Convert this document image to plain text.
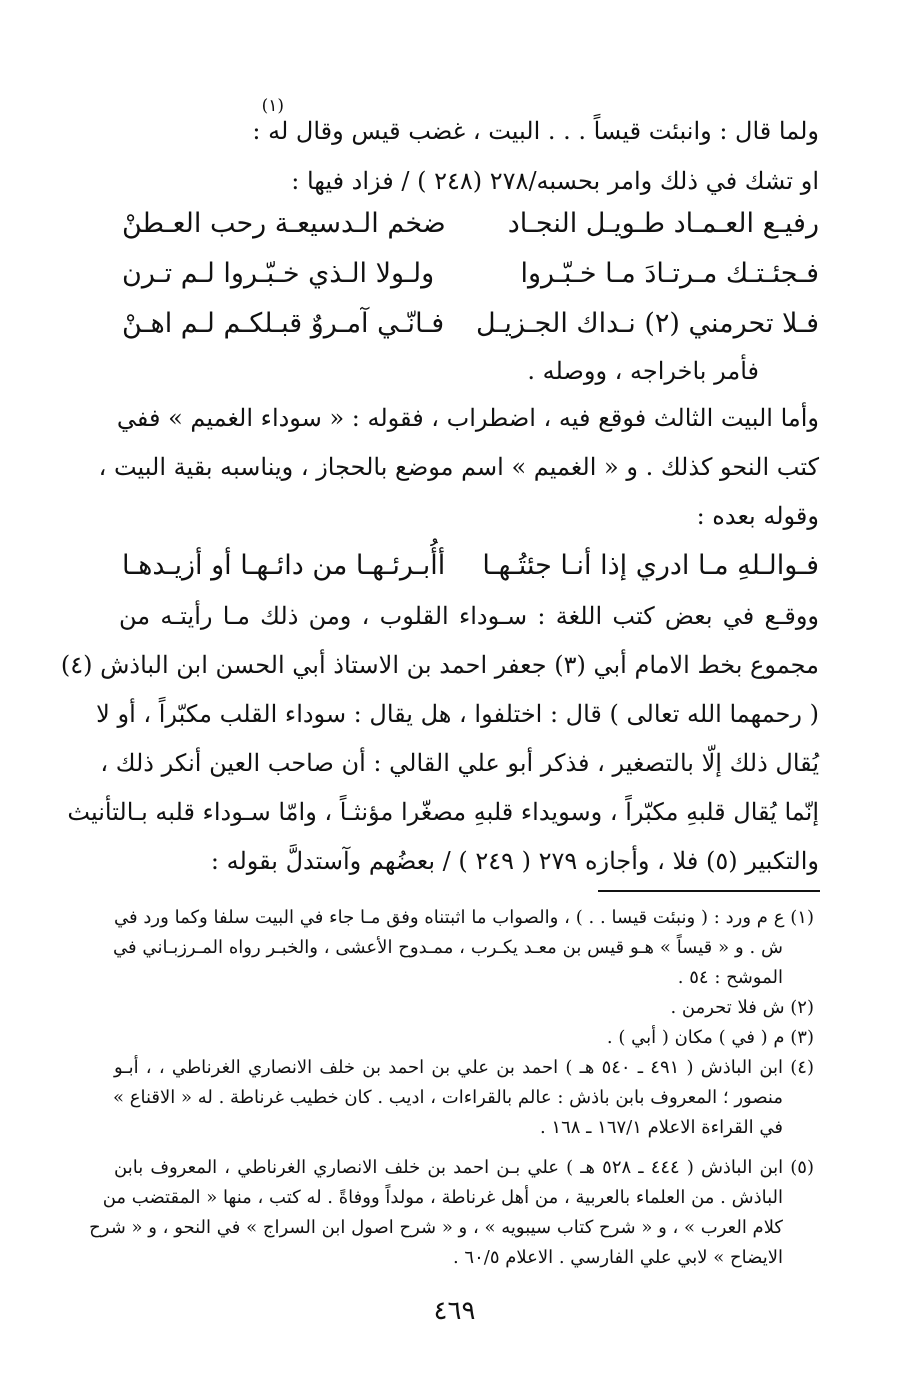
(١)
ولما قال : وانبئت قيساً . . . البيت ، غضب قيس وقال له :
او تشك في ذلك وامر بحسبه/٢٧٨ (٢٤٨ ) / فزاد فيها :
رفيـع العـمـاد طـويـل النجـاد
ضخم الـدسيعـة رحب العـطنْ
فـجئـتـك مـرتـادَ مـا خـبّـروا
ولـولا الـذي خـبّـروا لـم تـرن
فـلا تحرمني (٢) نـداك الجـزيـل
فـانّـي آمـروٌ قبـلكـم لـم اهـنْ
فأمر باخراجه ، ووصله .
وأما البيت الثالث فوقع فيه ، اضطراب ، فقوله : « سوداء الغميم » ففي
كتب النحو كذلك . و « الغميم » اسم موضع بالحجاز ، ويناسبه بقية البيت ،
وقوله بعده :
فـوالـلهِ مـا ادري إذا أنـا جئتُـهـا
أأُبـرئـهـا من دائـهـا أو أزيـدهـا
ووقـع في بعض كتب اللغة : سـوداء القلوب ، ومن ذلك مـا رأيتـه من
مجموع بخط الامام أبي (٣) جعفر احمد بن الاستاذ أبي الحسن ابن الباذش (٤)
( رحمهما الله تعالى ) قال : اختلفوا ، هل يقال : سوداء القلب مكبّراً ، أو لا
يُقال ذلك إلّا بالتصغير ، فذكر أبو علي القالي : أن صاحب العين أنكر ذلك ،
إنّما يُقال قلبهِ مكبّراً ، وسويداء قلبهِ مصغّرا مؤنثـاً ، وامّا سـوداء قلبه بـالتأنيث
والتكبير (٥) فلا ، وأجازه ٢٧٩ ( ٢٤٩ ) / بعضُهم وآستدلَّ بقوله :
(١) ع م ورد : ( ونبئت قيسا . . ) ، والصواب ما اثبتناه وفق مـا جاء في البيت سلفا وكما ورد في
ش . و « قيساً » هـو قيس بن معـد يكـرب ، ممـدوح الأعشى ، والخبـر رواه المـرزبـاني في
الموشح : ٥٤ .
(٢) ش فلا تحرمن .
(٣) م ( في ) مكان ( أبي ) .
(٤) ابن الباذش ( ٤٩١ ـ ٥٤٠ هـ ) احمد بن علي بن احمد بن خلف الانصاري الغرناطي ، ، أبـو
منصور ؛ المعروف بابن باذش : عالم بالقراءات ، اديب . كان خطيب غرناطة . له « الاقناع »
في القراءة الاعلام ١٦٧/١ ـ ١٦٨ .
(٥) ابن الباذش ( ٤٤٤ ـ ٥٢٨ هـ ) علي بـن احمد بن خلف الانصاري الغرناطي ، المعروف بابن
الباذش . من العلماء بالعربية ، من أهل غرناطة ، مولداً ووفاةً . له كتب ، منها « المقتضب من
كلام العرب » ، و « شرح كتاب سيبويه » ، و « شرح اصول ابن السراج » في النحو ، و « شرح
الايضاح » لابي علي الفارسي . الاعلام ٦٠/٥ .
٤٦٩
